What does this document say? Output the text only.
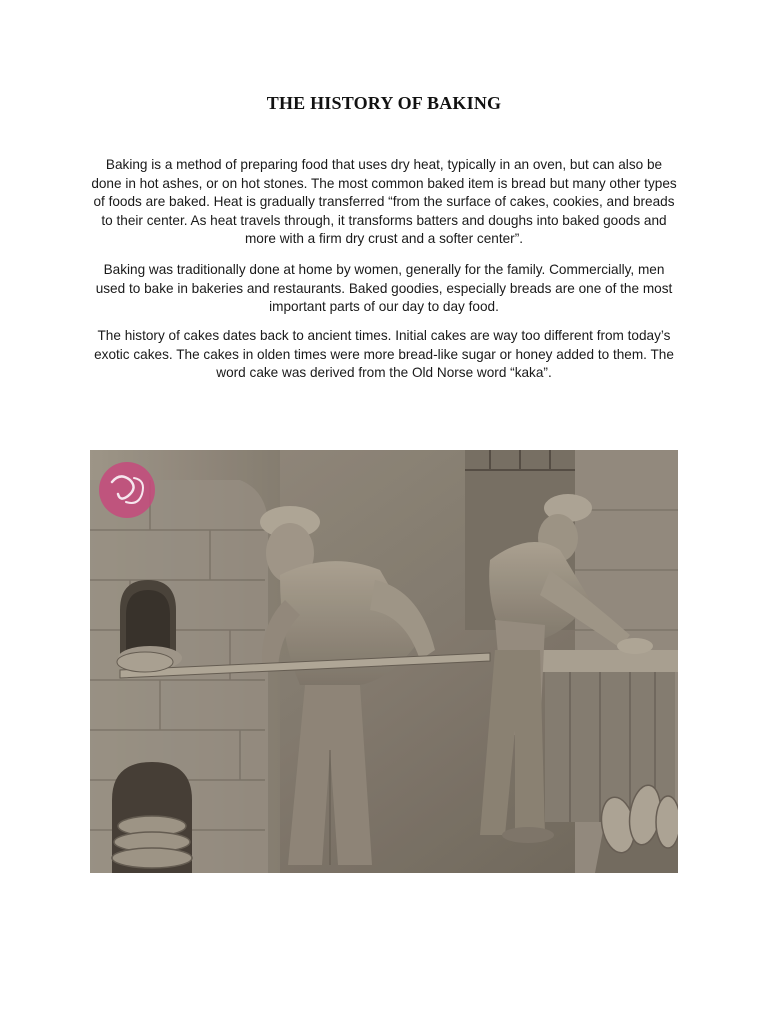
THE HISTORY OF BAKING

Baking is a method of preparing food that uses dry heat, typically in an oven, but can also be done in hot ashes, or on hot stones. The most common baked item is bread but many other types of foods are baked. Heat is gradually transferred “from the surface of cakes, cookies, and breads to their center. As heat travels through, it transforms batters and doughs into baked goods and more with a firm dry crust and a softer center”.

Baking was traditionally done at home by women, generally for the family. Commercially, men used to bake in bakeries and restaurants. Baked goodies, especially breads are one of the most important parts of our day to day food.

The history of cakes dates back to ancient times. Initial cakes are way too different from today’s exotic cakes. The cakes in olden times were more bread-like sugar or honey added to them. The word cake was derived from the Old Norse word “kaka”.
